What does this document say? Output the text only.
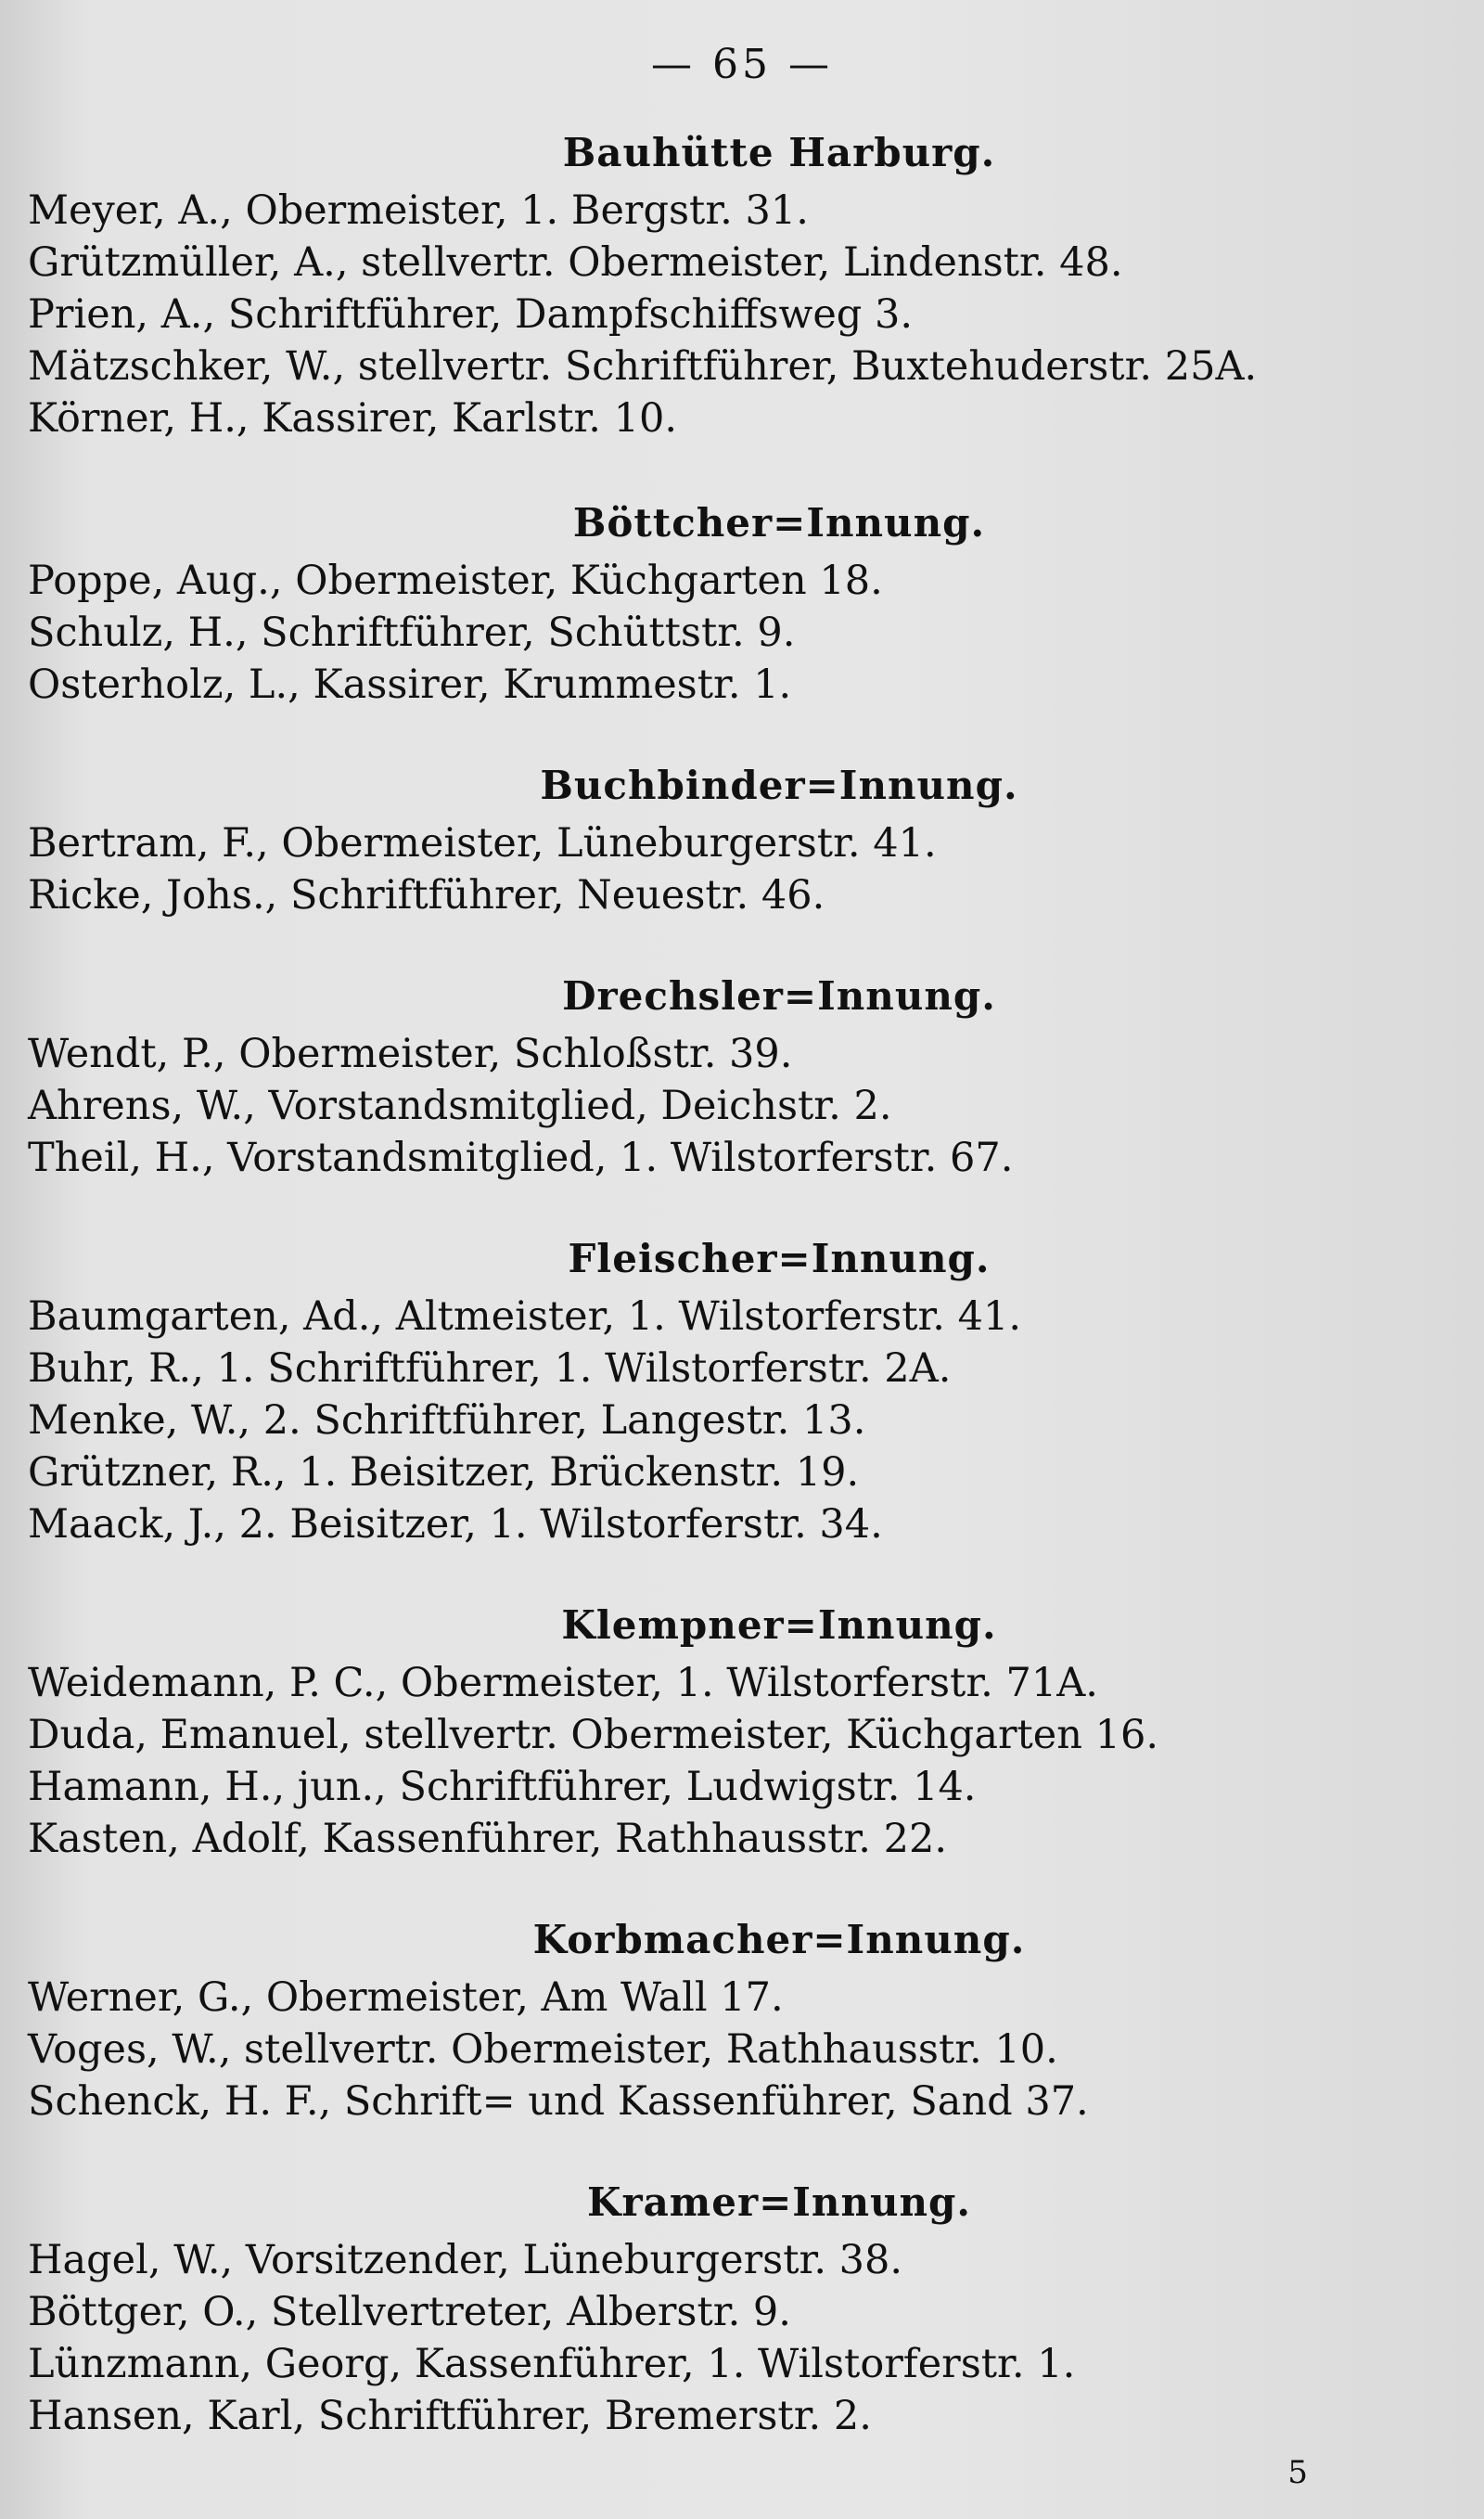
— 65 —
Bauhütte Harburg.
Meyer, A., Obermeister, 1. Bergstr. 31.
Grützmüller, A., stellvertr. Obermeister, Lindenstr. 48.
Prien, A., Schriftführer, Dampfschiffsweg 3.
Mätzschker, W., stellvertr. Schriftführer, Buxtehuderstr. 25A.
Körner, H., Kassirer, Karlstr. 10.
Böttcher=Innung.
Poppe, Aug., Obermeister, Küchgarten 18.
Schulz, H., Schriftführer, Schüttstr. 9.
Osterholz, L., Kassirer, Krummestr. 1.
Buchbinder=Innung.
Bertram, F., Obermeister, Lüneburgerstr. 41.
Ricke, Johs., Schriftführer, Neuestr. 46.
Drechsler=Innung.
Wendt, P., Obermeister, Schloßstr. 39.
Ahrens, W., Vorstandsmitglied, Deichstr. 2.
Theil, H., Vorstandsmitglied, 1. Wilstorferstr. 67.
Fleischer=Innung.
Baumgarten, Ad., Altmeister, 1. Wilstorferstr. 41.
Buhr, R., 1. Schriftführer, 1. Wilstorferstr. 2A.
Menke, W., 2. Schriftführer, Langestr. 13.
Grützner, R., 1. Beisitzer, Brückenstr. 19.
Maack, J., 2. Beisitzer, 1. Wilstorferstr. 34.
Klempner=Innung.
Weidemann, P. C., Obermeister, 1. Wilstorferstr. 71A.
Duda, Emanuel, stellvertr. Obermeister, Küchgarten 16.
Hamann, H., jun., Schriftführer, Ludwigstr. 14.
Kasten, Adolf, Kassenführer, Rathhausstr. 22.
Korbmacher=Innung.
Werner, G., Obermeister, Am Wall 17.
Voges, W., stellvertr. Obermeister, Rathhausstr. 10.
Schenck, H. F., Schrift= und Kassenführer, Sand 37.
Kramer=Innung.
Hagel, W., Vorsitzender, Lüneburgerstr. 38.
Böttger, O., Stellvertreter, Alberstr. 9.
Lünzmann, Georg, Kassenführer, 1. Wilstorferstr. 1.
Hansen, Karl, Schriftführer, Bremerstr. 2.
5
